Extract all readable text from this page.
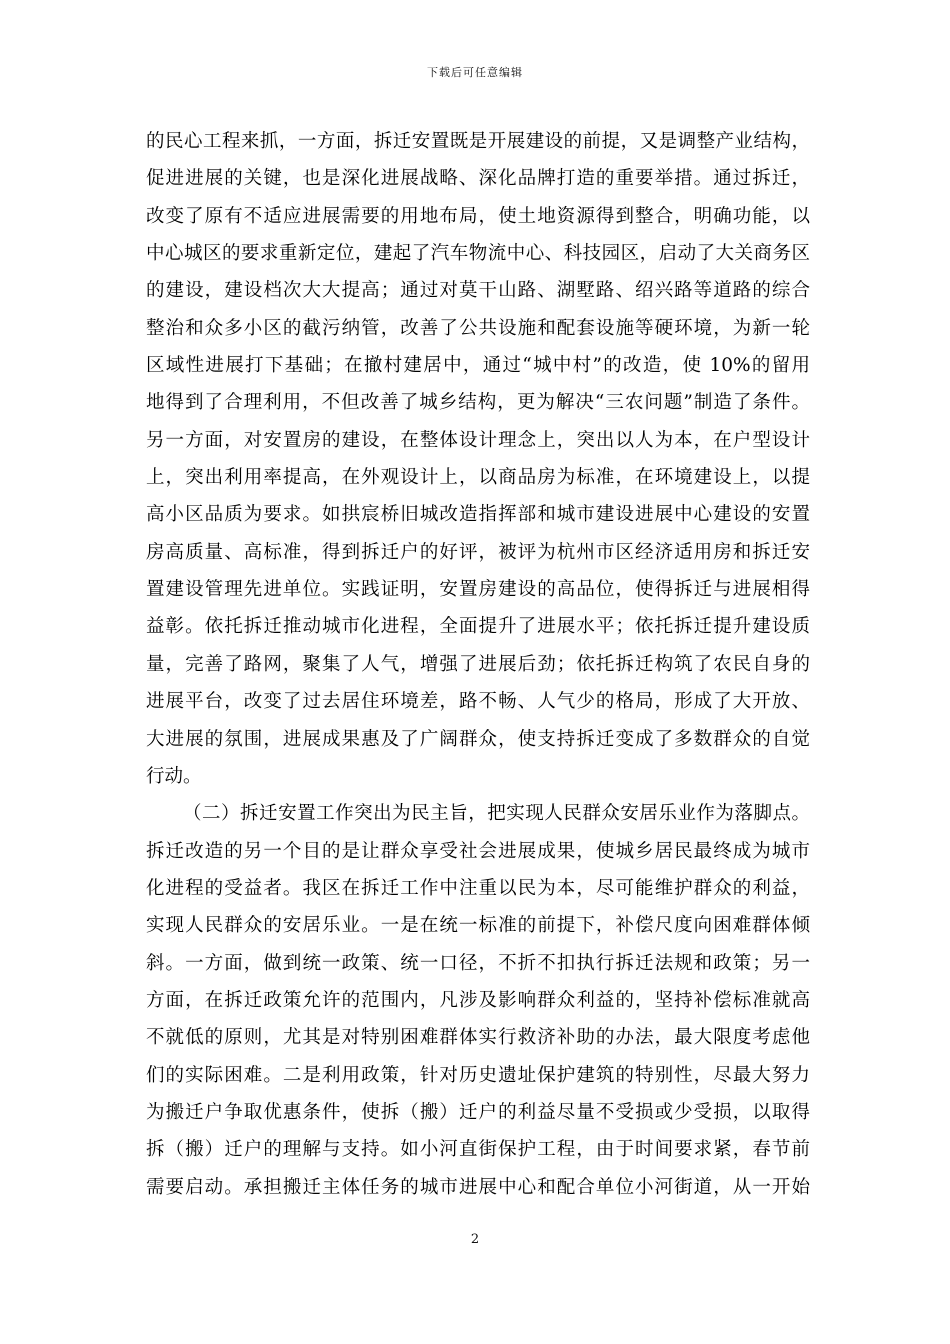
下载后可任意编辑
的民心工程来抓，一方面，拆迁安置既是开展建设的前提，又是调整产业结构，
促进进展的关键，也是深化进展战略、深化品牌打造的重要举措。通过拆迁，
改变了原有不适应进展需要的用地布局，使土地资源得到整合，明确功能，以
中心城区的要求重新定位，建起了汽车物流中心、科技园区，启动了大关商务区
的建设，建设档次大大提高；通过对莫干山路、湖墅路、绍兴路等道路的综合
整治和众多小区的截污纳管，改善了公共设施和配套设施等硬环境，为新一轮
区域性进展打下基础；在撤村建居中，通过“城中村”的改造，使 10%的留用
地得到了合理利用，不但改善了城乡结构，更为解决“三农问题”制造了条件。
另一方面，对安置房的建设，在整体设计理念上，突出以人为本，在户型设计
上，突出利用率提高，在外观设计上，以商品房为标准，在环境建设上，以提
高小区品质为要求。如拱宸桥旧城改造指挥部和城市建设进展中心建设的安置
房高质量、高标准，得到拆迁户的好评，被评为杭州市区经济适用房和拆迁安
置建设管理先进单位。实践证明，安置房建设的高品位，使得拆迁与进展相得
益彰。依托拆迁推动城市化进程，全面提升了进展水平；依托拆迁提升建设质
量，完善了路网，聚集了人气，增强了进展后劲；依托拆迁构筑了农民自身的
进展平台，改变了过去居住环境差，路不畅、人气少的格局，形成了大开放、
大进展的氛围，进展成果惠及了广阔群众，使支持拆迁变成了多数群众的自觉
行动。
（二）拆迁安置工作突出为民主旨，把实现人民群众安居乐业作为落脚点。
拆迁改造的另一个目的是让群众享受社会进展成果，使城乡居民最终成为城市
化进程的受益者。我区在拆迁工作中注重以民为本，尽可能维护群众的利益，
实现人民群众的安居乐业。一是在统一标准的前提下，补偿尺度向困难群体倾
斜。一方面，做到统一政策、统一口径，不折不扣执行拆迁法规和政策；另一
方面，在拆迁政策允许的范围内，凡涉及影响群众利益的，坚持补偿标准就高
不就低的原则，尤其是对特别困难群体实行救济补助的办法，最大限度考虑他
们的实际困难。二是利用政策，针对历史遗址保护建筑的特别性，尽最大努力
为搬迁户争取优惠条件，使拆（搬）迁户的利益尽量不受损或少受损，以取得
拆（搬）迁户的理解与支持。如小河直街保护工程，由于时间要求紧，春节前
需要启动。承担搬迁主体任务的城市进展中心和配合单位小河街道，从一开始
2
